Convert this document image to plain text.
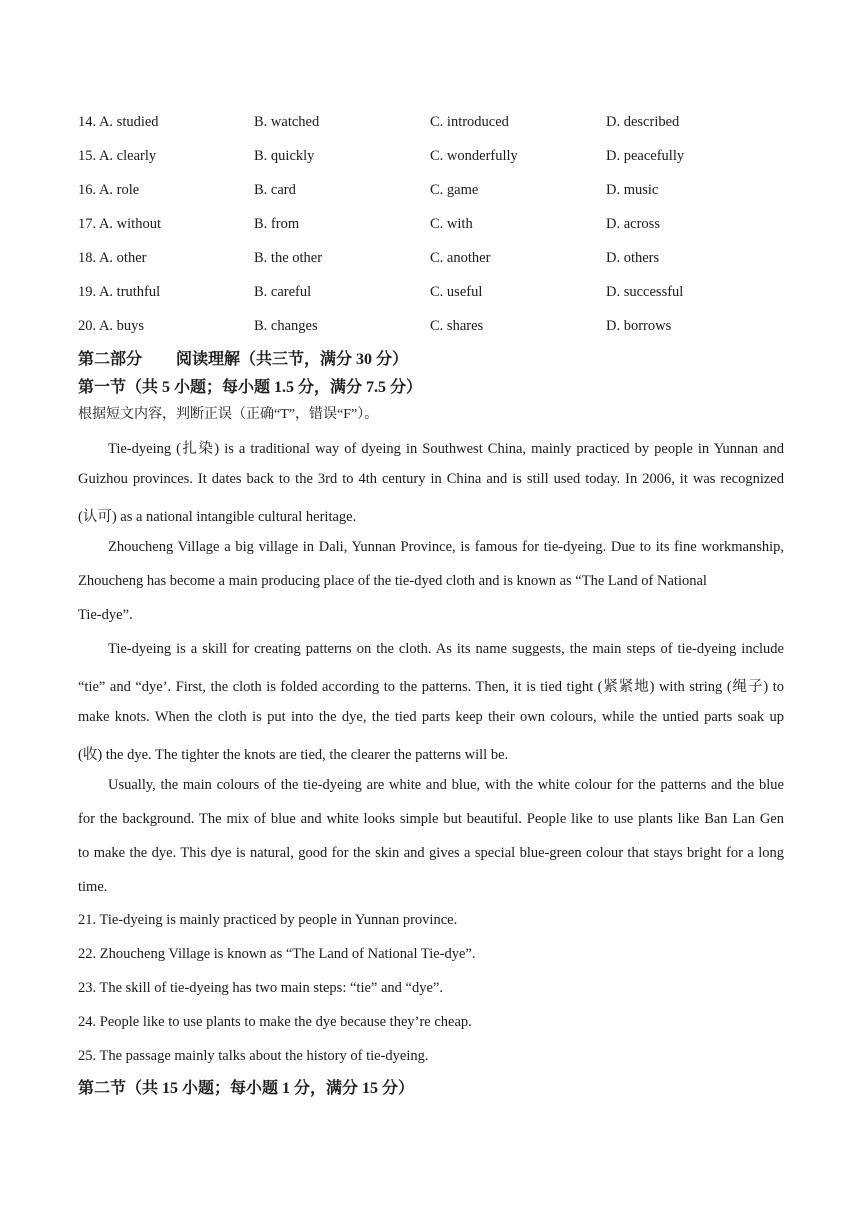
14. A. studied	B. watched	C. introduced	D. described
15. A. clearly	B. quickly	C. wonderfully	D. peacefully
16. A. role	B. card	C. game	D. music
17. A. without	B. from	C. with	D. across
18. A. other	B. the other	C. another	D. others
19. A. truthful	B. careful	C. useful	D. successful
20. A. buys	B. changes	C. shares	D. borrows
第二部分 阅读理解（共三节，满分 30 分）
第一节（共 5 小题；每小题 1.5 分，满分 7.5 分）
根据短文内容，判断正误（正确“T”，错误“F”）。
Tie-dyeing (扎染) is a traditional way of dyeing in Southwest China, mainly practiced by people in Yunnan and
Guizhou provinces. It dates back to the 3rd to 4th century in China and is still used today. In 2006, it was recognized
(认可) as a national intangible cultural heritage.
Zhoucheng Village a big village in Dali, Yunnan Province, is famous for tie-dyeing. Due to its fine workmanship,
Zhoucheng has become a main producing place of the tie-dyed cloth and is known as “The Land of National
Tie-dye”.
Tie-dyeing is a skill for creating patterns on the cloth. As its name suggests, the main steps of tie-dyeing include
“tie” and “dye’. First, the cloth is folded according to the patterns. Then, it is tied tight (紧紧地) with string (绳子) to
make knots. When the cloth is put into the dye, the tied parts keep their own colours, while the untied parts soak up
(收) the dye. The tighter the knots are tied, the clearer the patterns will be.
Usually, the main colours of the tie-dyeing are white and blue, with the white colour for the patterns and the blue
for the background. The mix of blue and white looks simple but beautiful. People like to use plants like Ban Lan Gen
to make the dye. This dye is natural, good for the skin and gives a special blue-green colour that stays bright for a long
time.
21. Tie-dyeing is mainly practiced by people in Yunnan province.
22. Zhoucheng Village is known as “The Land of National Tie-dye”.
23. The skill of tie-dyeing has two main steps: “tie” and “dye”.
24. People like to use plants to make the dye because they’re cheap.
25. The passage mainly talks about the history of tie-dyeing.
第二节（共 15 小题；每小题 1 分，满分 15 分）
